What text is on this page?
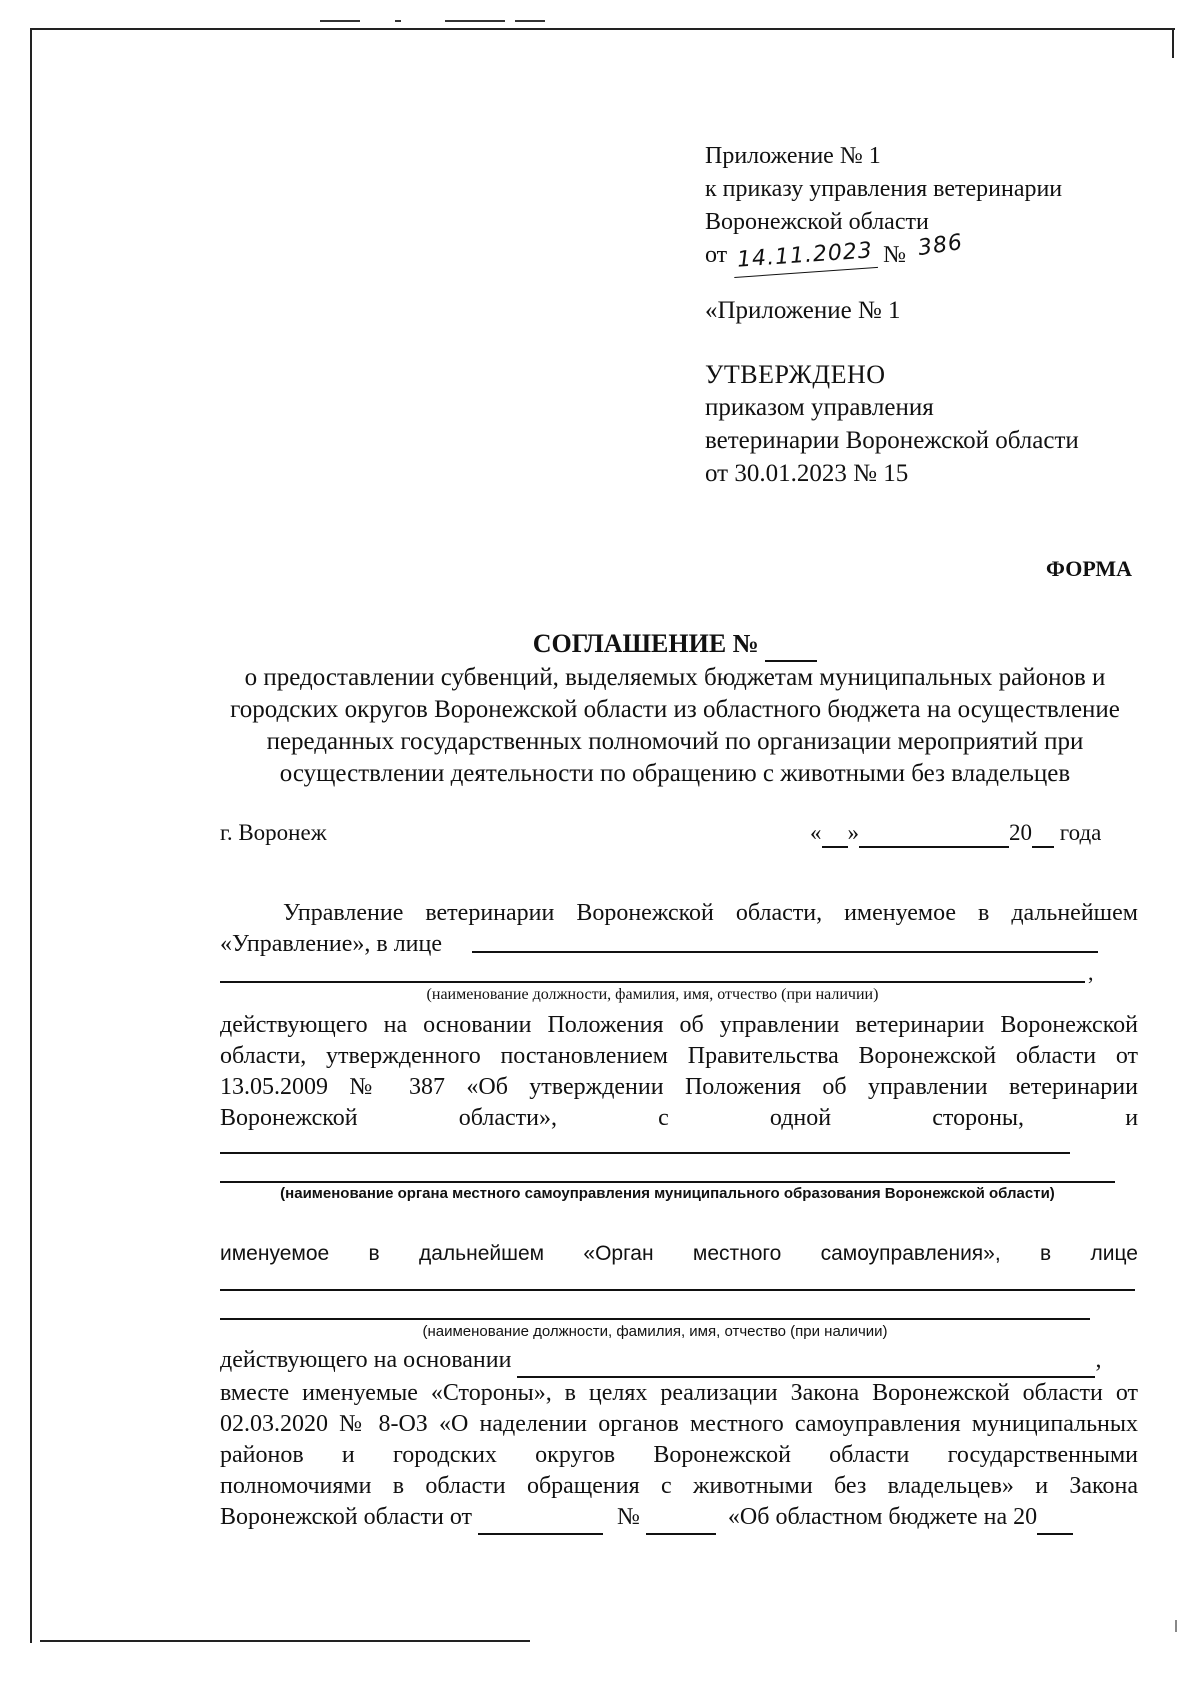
Приложение № 1
к приказу управления ветеринарии
Воронежской области
от 14.11.2023 № 386
«Приложение № 1
УТВЕРЖДЕНО
приказом управления
ветеринарии Воронежской области
от 30.01.2023 № 15
ФОРМА
СОГЛАШЕНИЕ №
о предоставлении субвенций, выделяемых бюджетам муниципальных районов и
городских округов Воронежской области из областного бюджета на осуществление
переданных государственных полномочий по организации мероприятий при
осуществлении деятельности по обращению с животными без владельцев
г. Воронеж	« »	20 года
Управление ветеринарии Воронежской области, именуемое в дальнейшем
«Управление», в лице
,
(наименование должности, фамилия, имя, отчество (при наличии)
действующего на основании Положения об управлении ветеринарии Воронежской
области, утвержденного постановлением Правительства Воронежской области от
13.05.2009 № 387 «Об утверждении Положения об управлении ветеринарии
Воронежской	области»,	с	одной	стороны,	и
(наименование органа местного самоуправления муниципального образования Воронежской области)
именуемое в дальнейшем «Орган местного самоуправления», в лице
(наименование должности, фамилия, имя, отчество (при наличии)
действующего на основании	,
вместе именуемые «Стороны», в целях реализации Закона Воронежской области от
02.03.2020 № 8-ОЗ «О наделении органов местного самоуправления муниципальных
районов и городских округов Воронежской области государственными
полномочиями в области обращения с животными без владельцев» и Закона
Воронежской области от	№	«Об областном бюджете на 20
